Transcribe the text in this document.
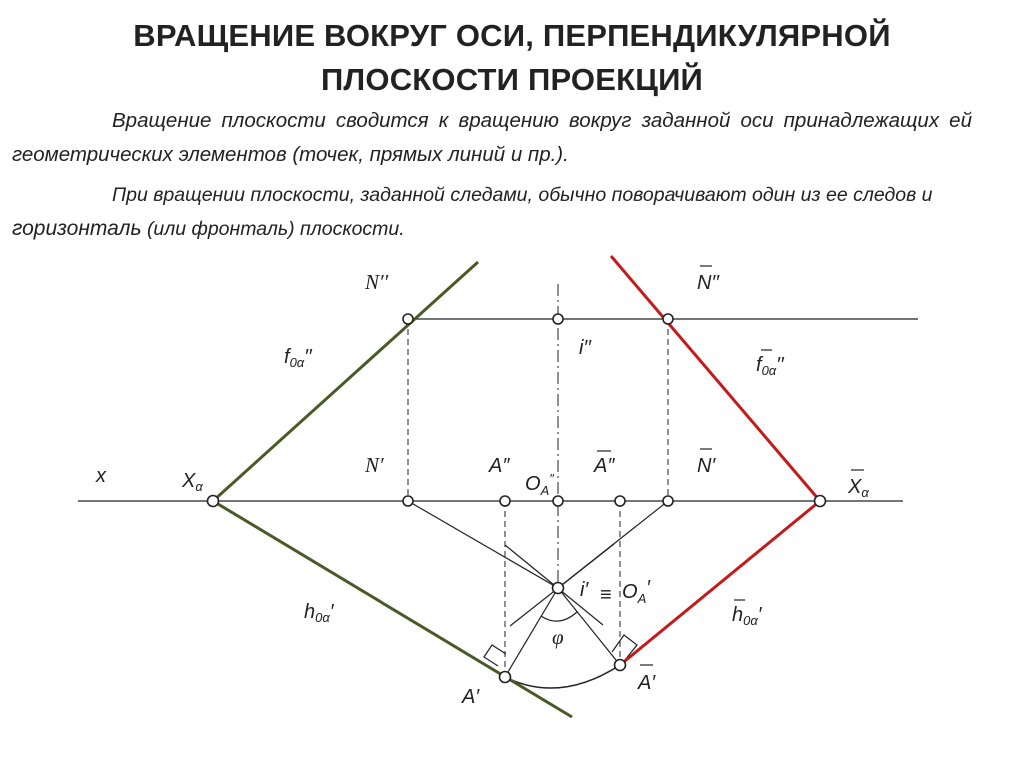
ВРАЩЕНИЕ ВОКРУГ ОСИ, ПЕРПЕНДИКУЛЯРНОЙ
ПЛОСКОСТИ ПРОЕКЦИЙ
Вращение плоскости сводится к вращению вокруг заданной оси принадлежащих ей геометрических элементов (точек, прямых линий и пр.).
При вращении плоскости, заданной следами, обычно поворачивают один из ее следов и горизонталь (или фронталь) плоскости.
N′′	N′′
$f_{0\alpha}''$	$f_{0\alpha}''$
i′′
x	$X_\alpha$	$X_\alpha$
N′	N′
A″	A″
$O_A''$
$h_{0\alpha}'$	$h_{0\alpha}'$
$i' \equiv O_A'$
φ
A′
A′
